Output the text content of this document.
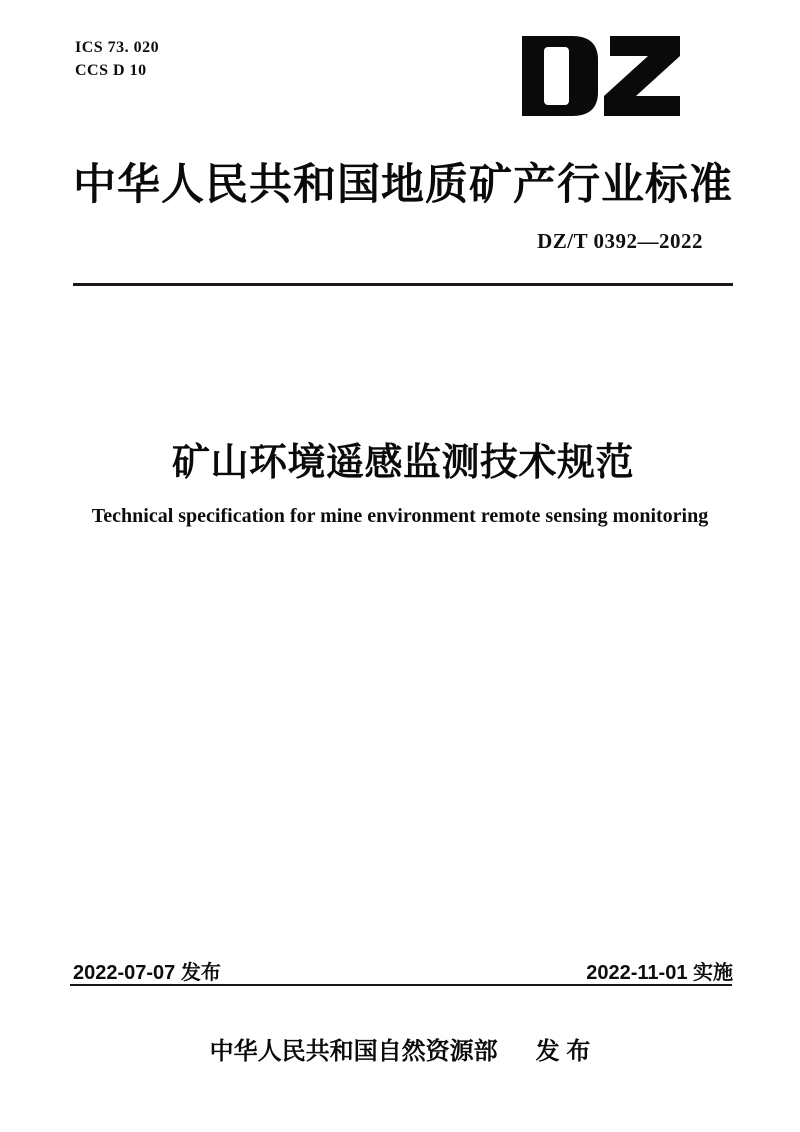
ICS 73. 020
CCS D 10
中华人民共和国地质矿产行业标准
DZ/T 0392—2022
矿山环境遥感监测技术规范
Technical specification for mine environment remote sensing monitoring
2022-07-07 发布	2022-11-01 实施
中华人民共和国自然资源部 发 布
